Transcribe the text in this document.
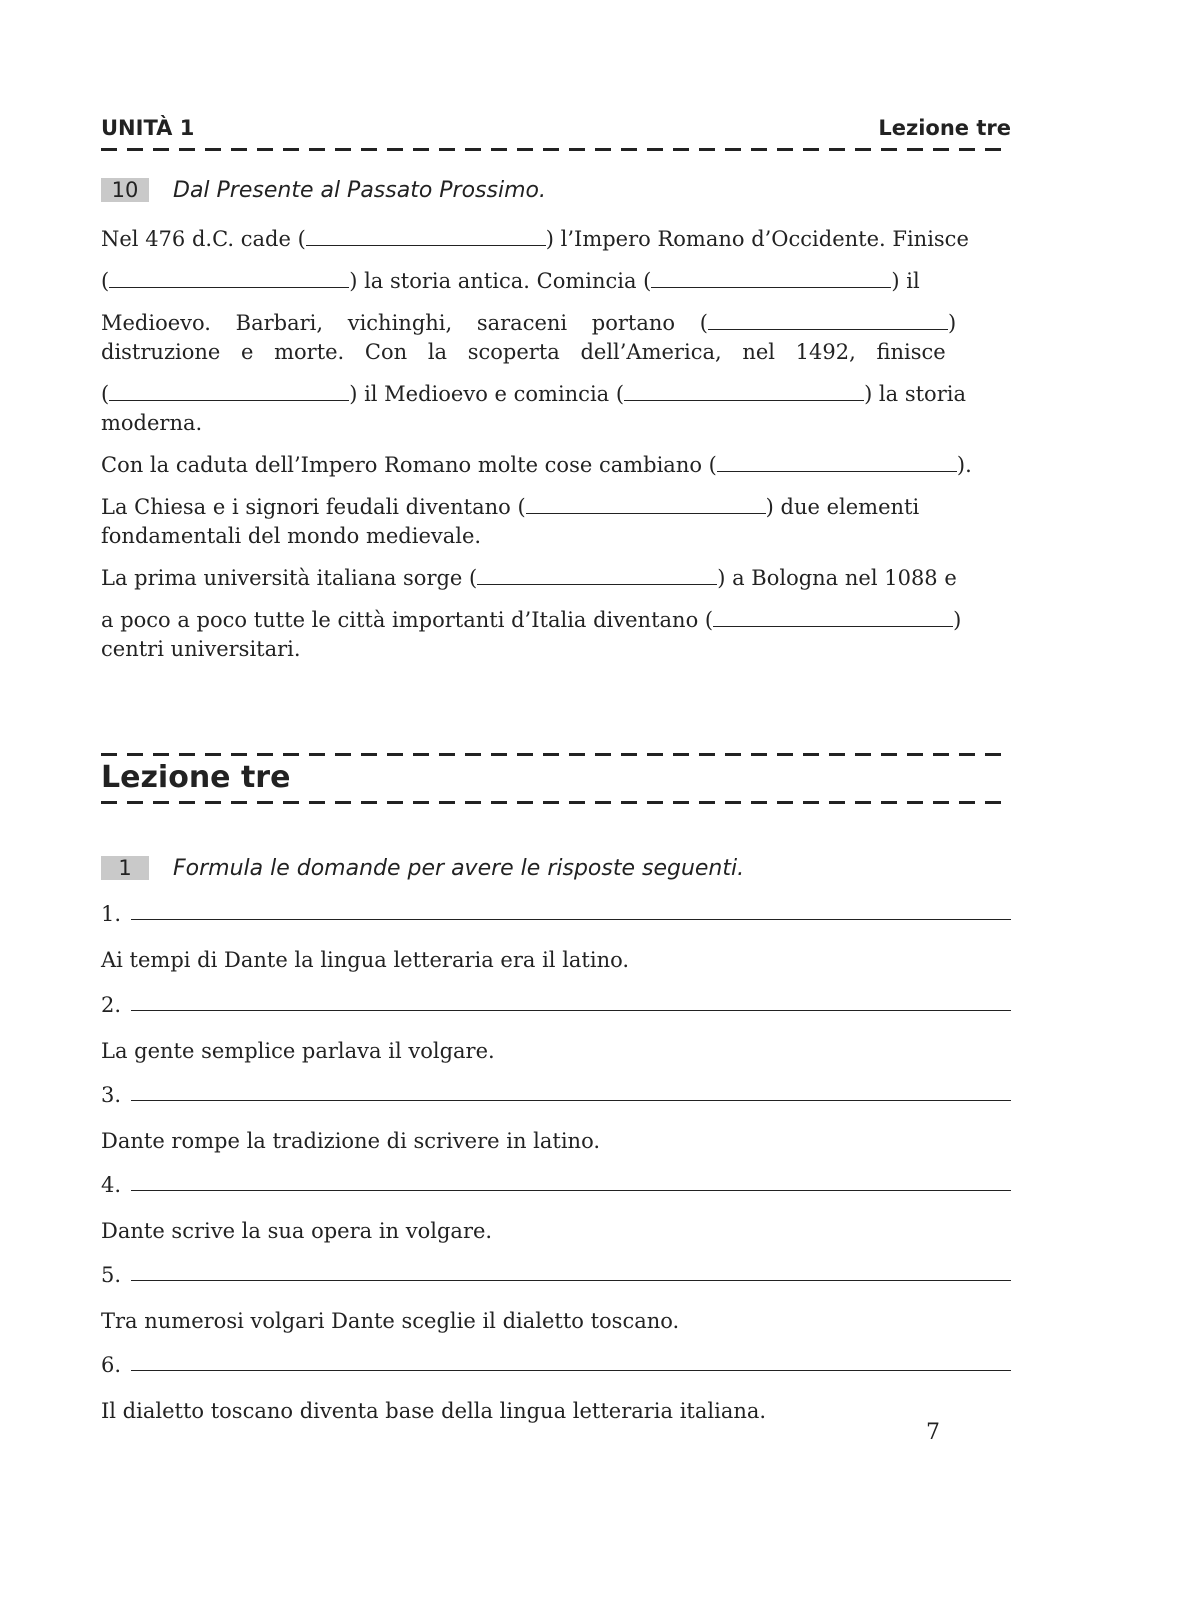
UNITÀ 1	Lezione tre
10	Dal Presente al Passato Prossimo.
Nel 476 d.C. cade (	) l’Impero Romano d’Occidente. Finisce
(	) la storia antica. Comincia (	) il
Medioevo. Barbari, vichinghi, saraceni portano (	)
distruzione e morte. Con la scoperta dell’America, nel 1492, finisce
(	) il Medioevo e comincia (	) la storia
moderna.
Con la caduta dell’Impero Romano molte cose cambiano (	).
La Chiesa e i signori feudali diventano (	) due elementi
fondamentali del mondo medievale.
La prima università italiana sorge (	) a Bologna nel 1088 e
a poco a poco tutte le città importanti d’Italia diventano (	)
centri universitari.
Lezione tre
1	Formula le domande per avere le risposte seguenti.
1.
Ai tempi di Dante la lingua letteraria era il latino.
2.
La gente semplice parlava il volgare.
3.
Dante rompe la tradizione di scrivere in latino.
4.
Dante scrive la sua opera in volgare.
5.
Tra numerosi volgari Dante sceglie il dialetto toscano.
6.
Il dialetto toscano diventa base della lingua letteraria italiana.
7
